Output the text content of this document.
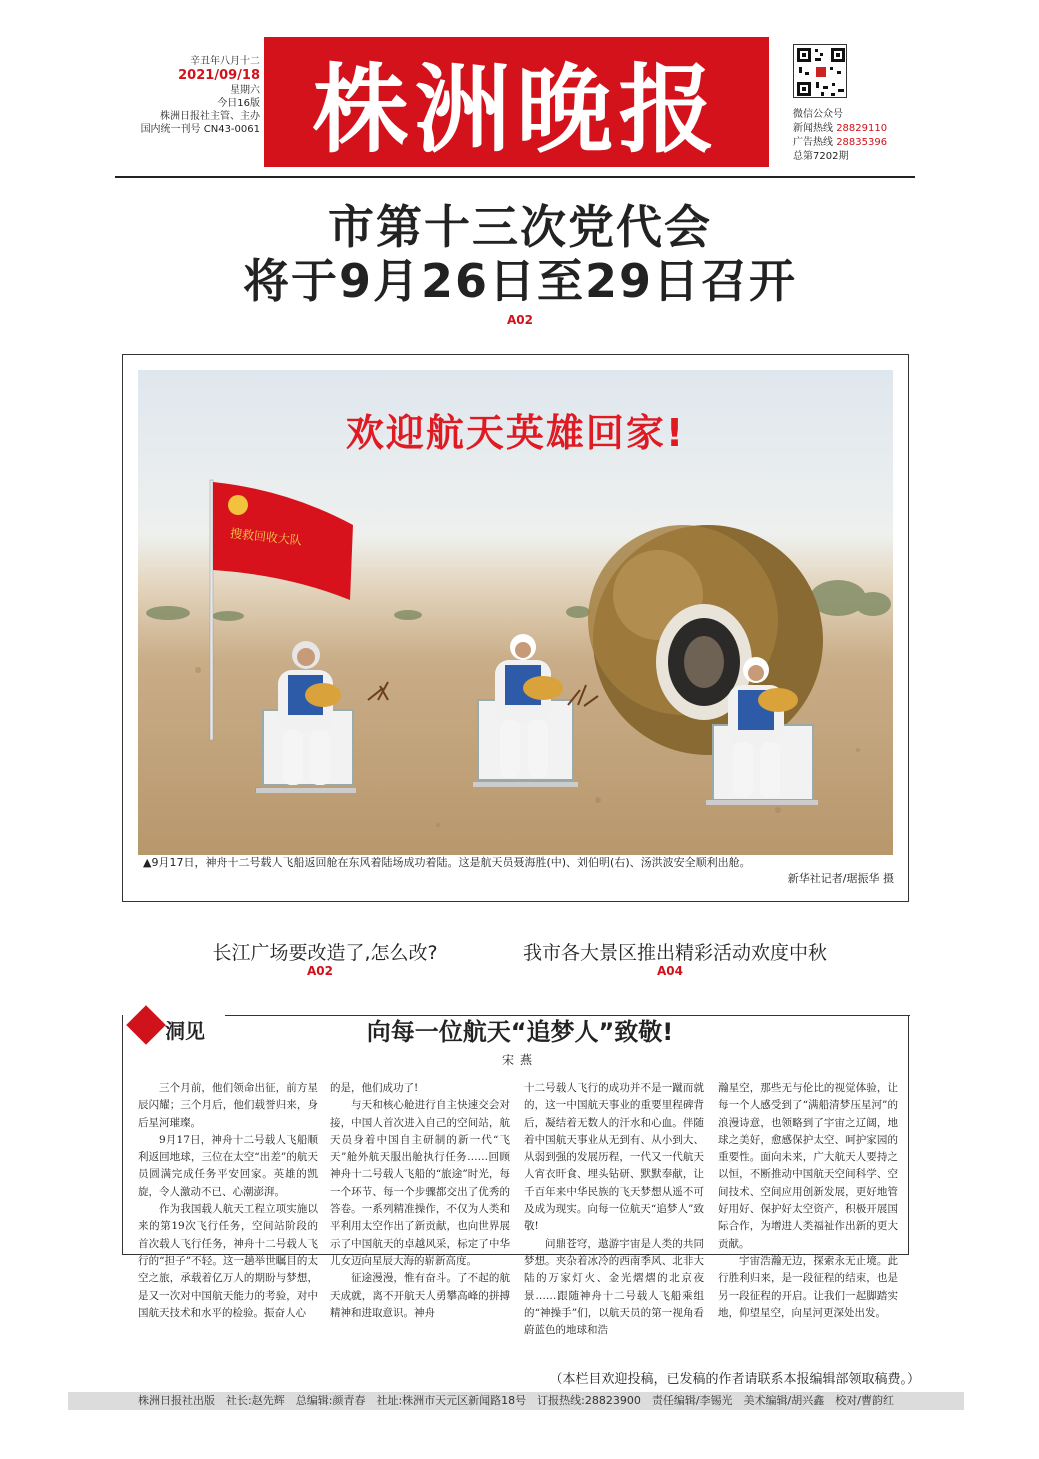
辛丑年八月十二
2021/09/18
星期六
今日16版
株洲日报社主管、主办
国内统一刊号 CN43-0061 株洲晚报	微信公众号
新闻热线 28829110
广告热线 28835396
总第7202期
市第十三次党代会
将于9月26日至29日召开
A02
欢迎航天英雄回家!
搜救回收大队
▲9月17日，神舟十二号载人飞船返回舱在东风着陆场成功着陆。这是航天员聂海胜(中)、刘伯明(右)、汤洪波安全顺利出舱。
新华社记者/琚振华 摄
长江广场要改造了,怎么改?
A02
我市各大景区推出精彩活动欢度中秋
A04
洞见	向每一位航天“追梦人”致敬!
宋燕

三个月前，他们领命出征，前方星辰闪耀；三个月后，他们载誉归来，身后星河璀璨。

9月17日，神舟十二号载人飞船顺利返回地球，三位在太空“出差”的航天员圆满完成任务平安回家。英雄的凯旋，令人激动不已、心潮澎湃。

作为我国载人航天工程立项实施以来的第19次飞行任务，空间站阶段的首次载人飞行任务，神舟十二号载人飞行的“担子”不轻。这一趟举世瞩目的太空之旅，承载着亿万人的期盼与梦想，是又一次对中国航天能力的考验，对中国航天技术和水平的检验。振奋人心

的是，他们成功了!

与天和核心舱进行自主快速交会对接，中国人首次进入自己的空间站，航天员身着中国自主研制的新一代“飞天”舱外航天服出舱执行任务……回顾神舟十二号载人飞船的“旅途”时光，每一个环节、每一个步骤都交出了优秀的答卷。一系列精准操作，不仅为人类和平利用太空作出了新贡献，也向世界展示了中国航天的卓越风采，标定了中华儿女迈向星辰大海的崭新高度。

征途漫漫，惟有奋斗。了不起的航天成就，离不开航天人勇攀高峰的拼搏精神和进取意识。神舟

十二号载人飞行的成功并不是一蹴而就的，这一中国航天事业的重要里程碑背后，凝结着无数人的汗水和心血。伴随着中国航天事业从无到有、从小到大、从弱到强的发展历程，一代又一代航天人宵衣旰食、埋头钻研、默默奉献，让千百年来中华民族的飞天梦想从遥不可及成为现实。向每一位航天“追梦人”致敬!

问鼎苍穹，遨游宇宙是人类的共同梦想。夹杂着冰冷的西南季风、北非大陆的万家灯火、金光熠熠的北京夜景……跟随神舟十二号载人飞船乘组的“神操手”们，以航天员的第一视角看蔚蓝色的地球和浩

瀚星空，那些无与伦比的视觉体验，让每一个人感受到了“满船清梦压星河”的浪漫诗意，也领略到了宇宙之辽阔，地球之美好，愈感保护太空、呵护家园的重要性。面向未来，广大航天人要持之以恒，不断推动中国航天空间科学、空间技术、空间应用创新发展，更好地管好用好、保护好太空资产，积极开展国际合作，为增进人类福祉作出新的更大贡献。

宇宙浩瀚无边，探索永无止境。此行胜利归来，是一段征程的结束，也是另一段征程的开启。让我们一起脚踏实地，仰望星空，向星河更深处出发。

（本栏目欢迎投稿，已发稿的作者请联系本报编辑部领取稿费。）
株洲日报社出版　社长:赵先辉　总编辑:颜青春　社址:株洲市天元区新闻路18号　订报热线:28823900　责任编辑/李锡光　美术编辑/胡兴鑫　校对/曹韵红
